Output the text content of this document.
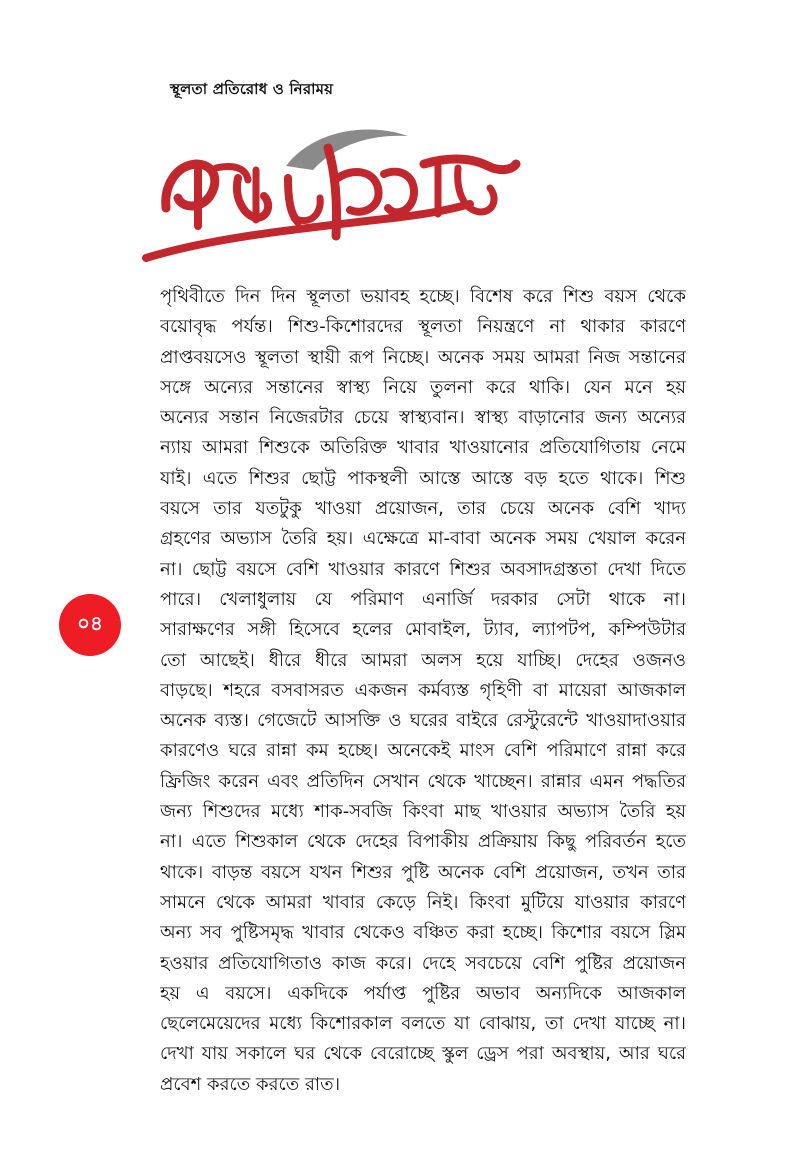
স্থূলতা প্রতিরোধ ও নিরাময়
০৪
পৃথিবীতে দিন দিন স্থূলতা ভয়াবহ হচ্ছে। বিশেষ করে শিশু বয়স থেকে
বয়োবৃদ্ধ পর্যন্ত। শিশু-কিশোরদের স্থূলতা নিয়ন্ত্রণে না থাকার কারণে
প্রাপ্তবয়সেও স্থূলতা স্থায়ী রূপ নিচ্ছে। অনেক সময় আমরা নিজ সন্তানের
সঙ্গে অন্যের সন্তানের স্বাস্থ্য নিয়ে তুলনা করে থাকি। যেন মনে হয়
অন্যের সন্তান নিজেরটার চেয়ে স্বাস্থ্যবান। স্বাস্থ্য বাড়ানোর জন্য অন্যের
ন্যায় আমরা শিশুকে অতিরিক্ত খাবার খাওয়ানোর প্রতিযোগিতায় নেমে
যাই। এতে শিশুর ছোট্ট পাকস্থলী আস্তে আস্তে বড় হতে থাকে। শিশু
বয়সে তার যতটুকু খাওয়া প্রয়োজন, তার চেয়ে অনেক বেশি খাদ্য
গ্রহণের অভ্যাস তৈরি হয়। এক্ষেত্রে মা-বাবা অনেক সময় খেয়াল করেন
না। ছোট্ট বয়সে বেশি খাওয়ার কারণে শিশুর অবসাদগ্রস্ততা দেখা দিতে
পারে। খেলাধুলায় যে পরিমাণ এনার্জি দরকার সেটা থাকে না।
সারাক্ষণের সঙ্গী হিসেবে হলের মোবাইল, ট্যাব, ল্যাপটপ, কম্পিউটার
তো আছেই। ধীরে ধীরে আমরা অলস হয়ে যাচ্ছি। দেহের ওজনও
বাড়ছে। শহরে বসবাসরত একজন কর্মব্যস্ত গৃহিণী বা মায়েরা আজকাল
অনেক ব্যস্ত। গেজেটে আসক্তি ও ঘরের বাইরে রেস্টুরেন্টে খাওয়াদাওয়ার
কারণেও ঘরে রান্না কম হচ্ছে। অনেকেই মাংস বেশি পরিমাণে রান্না করে
ফ্রিজিং করেন এবং প্রতিদিন সেখান থেকে খাচ্ছেন। রান্নার এমন পদ্ধতির
জন্য শিশুদের মধ্যে শাক-সবজি কিংবা মাছ খাওয়ার অভ্যাস তৈরি হয়
না। এতে শিশুকাল থেকে দেহের বিপাকীয় প্রক্রিয়ায় কিছু পরিবর্তন হতে
থাকে। বাড়ন্ত বয়সে যখন শিশুর পুষ্টি অনেক বেশি প্রয়োজন, তখন তার
সামনে থেকে আমরা খাবার কেড়ে নিই। কিংবা মুটিয়ে যাওয়ার কারণে
অন্য সব পুষ্টিসমৃদ্ধ খাবার থেকেও বঞ্চিত করা হচ্ছে। কিশোর বয়সে স্লিম
হওয়ার প্রতিযোগিতাও কাজ করে। দেহে সবচেয়ে বেশি পুষ্টির প্রয়োজন
হয় এ বয়সে। একদিকে পর্যাপ্ত পুষ্টির অভাব অন্যদিকে আজকাল
ছেলেমেয়েদের মধ্যে কিশোরকাল বলতে যা বোঝায়, তা দেখা যাচ্ছে না।
দেখা যায় সকালে ঘর থেকে বেরোচ্ছে স্কুল ড্রেস পরা অবস্থায়, আর ঘরে
প্রবেশ করতে করতে রাত।
